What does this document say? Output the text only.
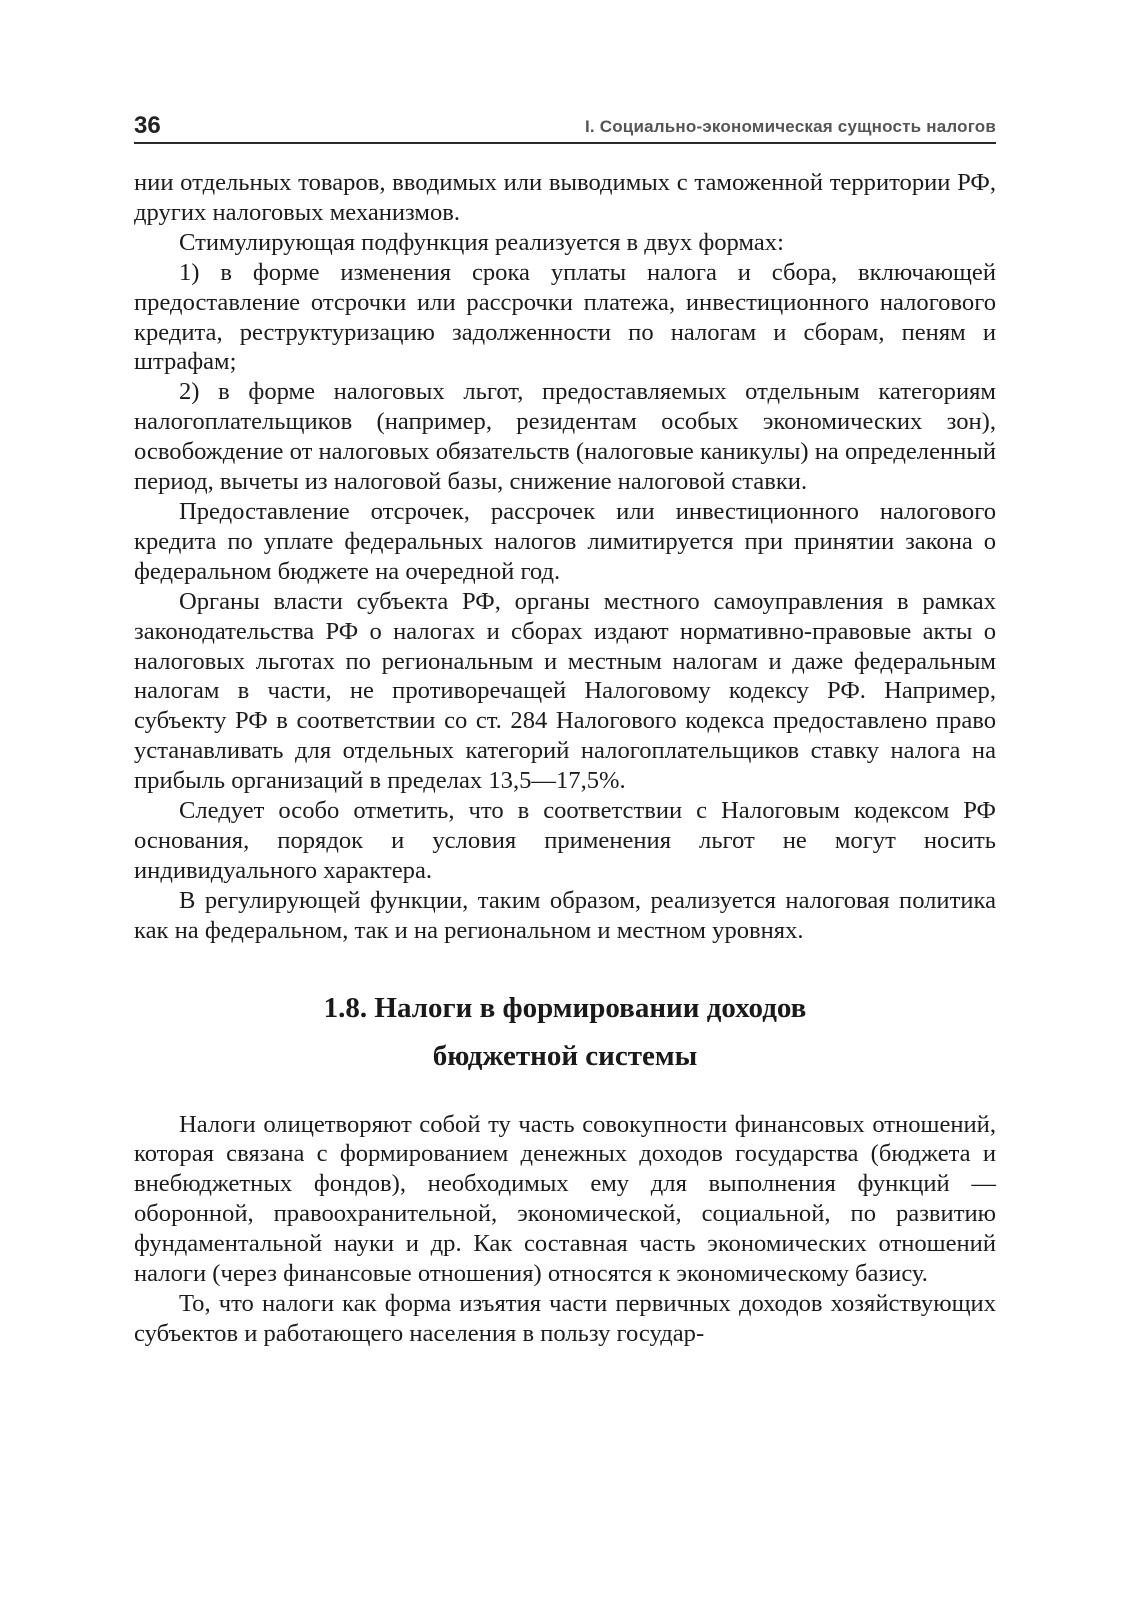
36	I. Социально-экономическая сущность налогов

нии отдельных товаров, вводимых или выводимых с таможенной территории РФ, других налоговых механизмов.

Стимулирующая подфункция реализуется в двух формах:

1) в форме изменения срока уплаты налога и сбора, включающей предоставление отсрочки или рассрочки платежа, инвестиционного налогового кредита, реструктуризацию задолженности по налогам и сборам, пеням и штрафам;

2) в форме налоговых льгот, предоставляемых отдельным категориям налогоплательщиков (например, резидентам особых экономических зон), освобождение от налоговых обязательств (налоговые каникулы) на определенный период, вычеты из налоговой базы, снижение налоговой ставки.

Предоставление отсрочек, рассрочек или инвестиционного налогового кредита по уплате федеральных налогов лимитируется при принятии закона о федеральном бюджете на очередной год.

Органы власти субъекта РФ, органы местного самоуправления в рамках законодательства РФ о налогах и сборах издают нормативно-правовые акты о налоговых льготах по региональным и местным налогам и даже федеральным налогам в части, не противоречащей Налоговому кодексу РФ. Например, субъекту РФ в соответствии со ст. 284 Налогового кодекса предоставлено право устанавливать для отдельных категорий налогоплательщиков ставку налога на прибыль организаций в пределах 13,5—17,5%.

Следует особо отметить, что в соответствии с Налоговым кодексом РФ основания, порядок и условия применения льгот не могут носить индивидуального характера.

В регулирующей функции, таким образом, реализуется налоговая политика как на федеральном, так и на региональном и местном уровнях.

1.8. Налоги в формировании доходов
бюджетной системы

Налоги олицетворяют собой ту часть совокупности финансовых отношений, которая связана с формированием денежных доходов государства (бюджета и внебюджетных фондов), необходимых ему для выполнения функций — оборонной, правоохранительной, экономической, социальной, по развитию фундаментальной науки и др. Как составная часть экономических отношений налоги (через финансовые отношения) относятся к экономическому базису.

То, что налоги как форма изъятия части первичных доходов хозяйствующих субъектов и работающего населения в пользу государ-
